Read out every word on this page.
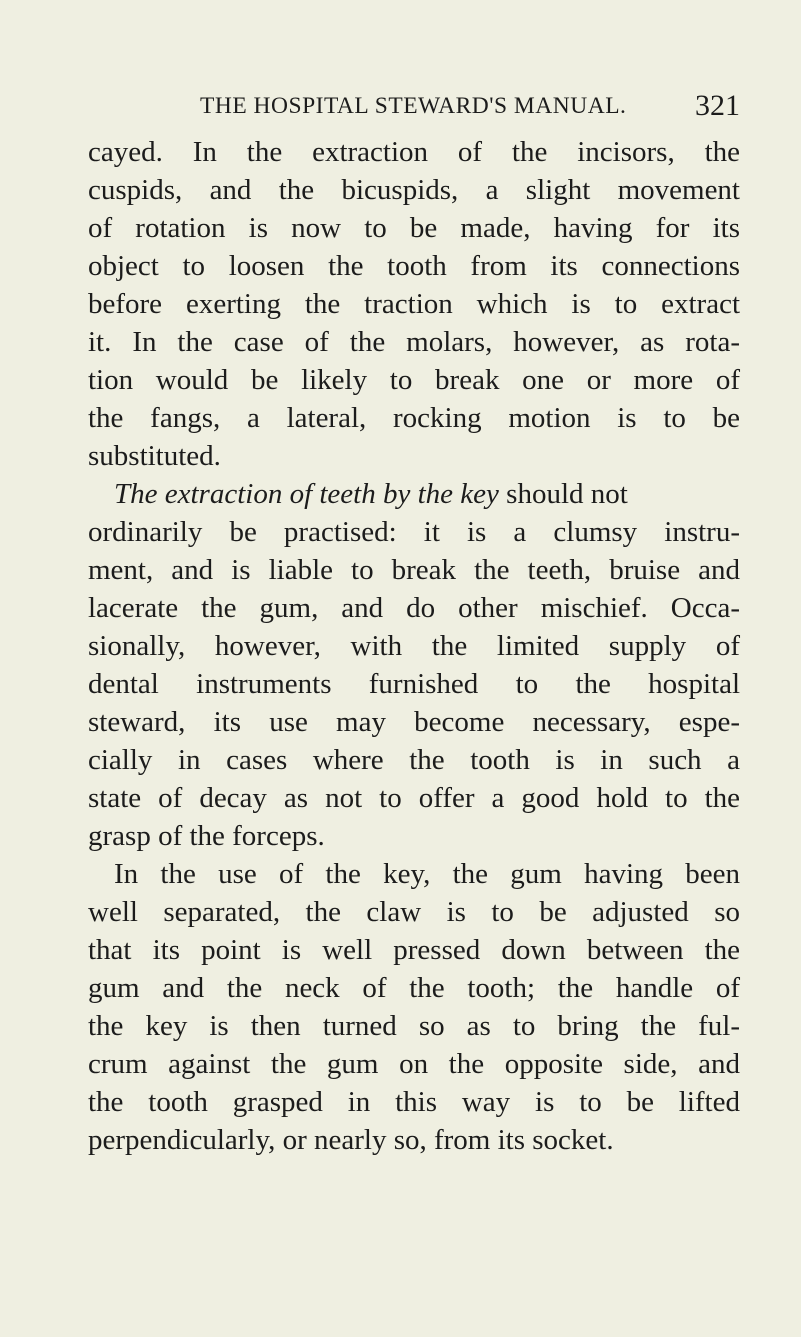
THE HOSPITAL STEWARD'S MANUAL. 321
cayed. In the extraction of the incisors, the
cuspids, and the bicuspids, a slight movement
of rotation is now to be made, having for its
object to loosen the tooth from its connections
before exerting the traction which is to extract
it. In the case of the molars, however, as rota-
tion would be likely to break one or more of
the fangs, a lateral, rocking motion is to be
substituted.
The extraction of teeth by the key should not
ordinarily be practised: it is a clumsy instru-
ment, and is liable to break the teeth, bruise and
lacerate the gum, and do other mischief. Occa-
sionally, however, with the limited supply of
dental instruments furnished to the hospital
steward, its use may become necessary, espe-
cially in cases where the tooth is in such a
state of decay as not to offer a good hold to the
grasp of the forceps.
In the use of the key, the gum having been
well separated, the claw is to be adjusted so
that its point is well pressed down between the
gum and the neck of the tooth; the handle of
the key is then turned so as to bring the ful-
crum against the gum on the opposite side, and
the tooth grasped in this way is to be lifted
perpendicularly, or nearly so, from its socket.
